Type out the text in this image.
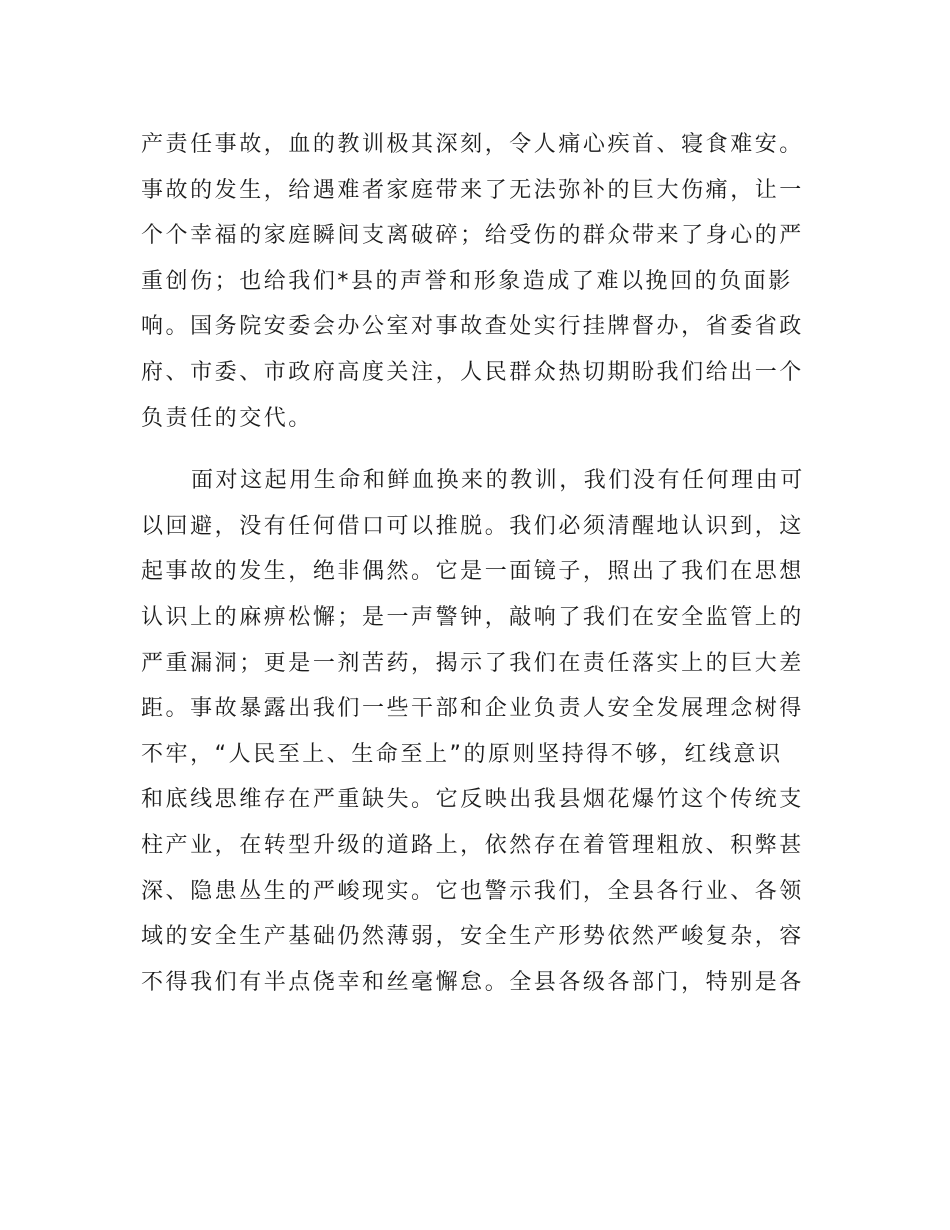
产责任事故，血的教训极其深刻，令人痛心疾首、寝食难安。
事故的发生，给遇难者家庭带来了无法弥补的巨大伤痛，让一
个个幸福的家庭瞬间支离破碎；给受伤的群众带来了身心的严
重创伤；也给我们*县的声誉和形象造成了难以挽回的负面影
响。国务院安委会办公室对事故查处实行挂牌督办，省委省政
府、市委、市政府高度关注，人民群众热切期盼我们给出一个
负责任的交代。

面对这起用生命和鲜血换来的教训，我们没有任何理由可
以回避，没有任何借口可以推脱。我们必须清醒地认识到，这
起事故的发生，绝非偶然。它是一面镜子，照出了我们在思想
认识上的麻痹松懈；是一声警钟，敲响了我们在安全监管上的
严重漏洞；更是一剂苦药，揭示了我们在责任落实上的巨大差
距。事故暴露出我们一些干部和企业负责人安全发展理念树得
不牢，“人民至上、生命至上”的原则坚持得不够，红线意识
和底线思维存在严重缺失。它反映出我县烟花爆竹这个传统支
柱产业，在转型升级的道路上，依然存在着管理粗放、积弊甚
深、隐患丛生的严峻现实。它也警示我们，全县各行业、各领
域的安全生产基础仍然薄弱，安全生产形势依然严峻复杂，容
不得我们有半点侥幸和丝毫懈怠。全县各级各部门，特别是各
